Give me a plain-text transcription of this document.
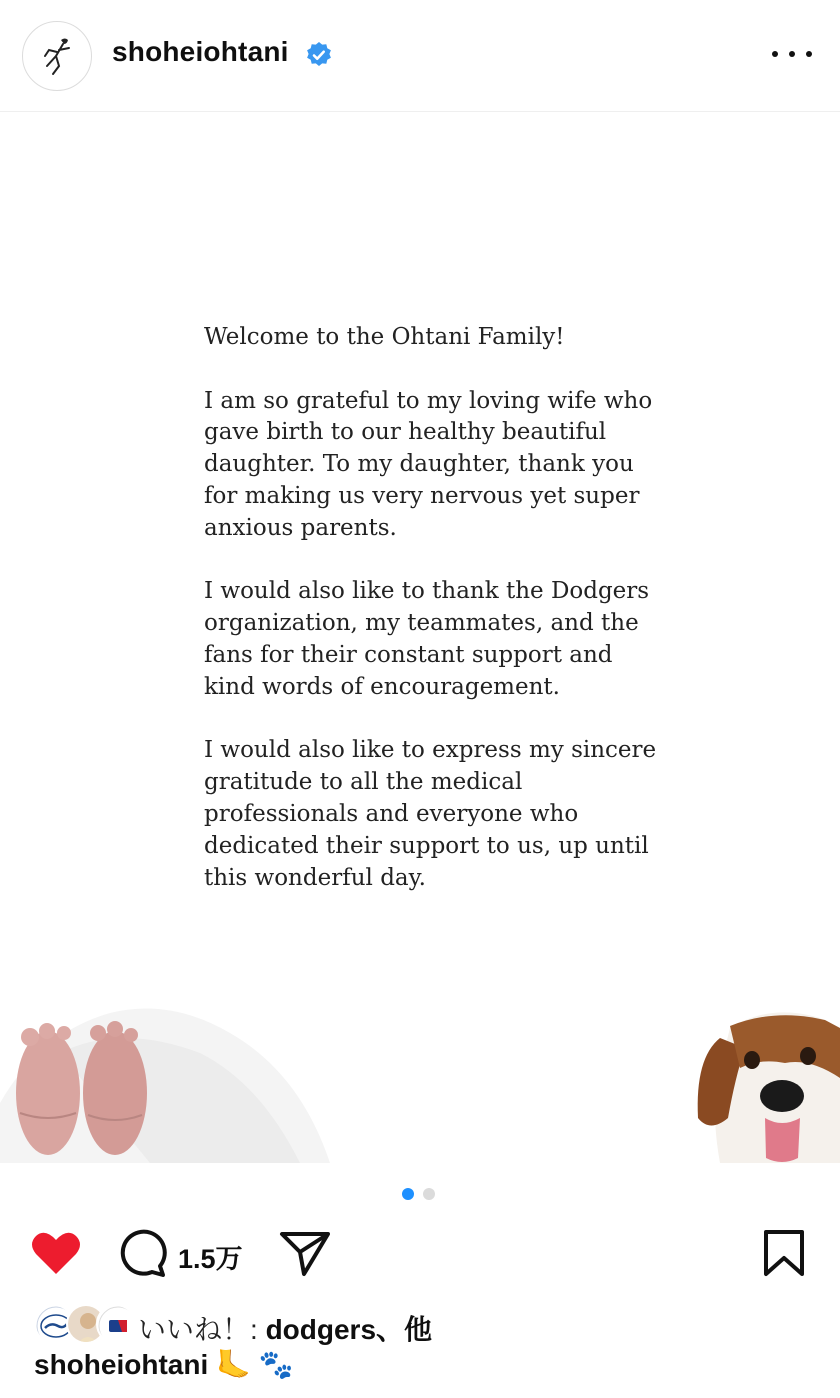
shoheiohtani

Welcome to the Ohtani Family!

I am so grateful to my loving wife who gave birth to our healthy beautiful daughter. To my daughter, thank you for making us very nervous yet super anxious parents.

I would also like to thank the Dodgers organization, my teammates, and the fans for their constant support and kind words of encouragement.

I would also like to express my sincere gratitude to all the medical professionals and everyone who dedicated their support to us, up until this wonderful day.

1.5万
いいね！: dodgers、他
shoheiohtani 🦶 🐾
